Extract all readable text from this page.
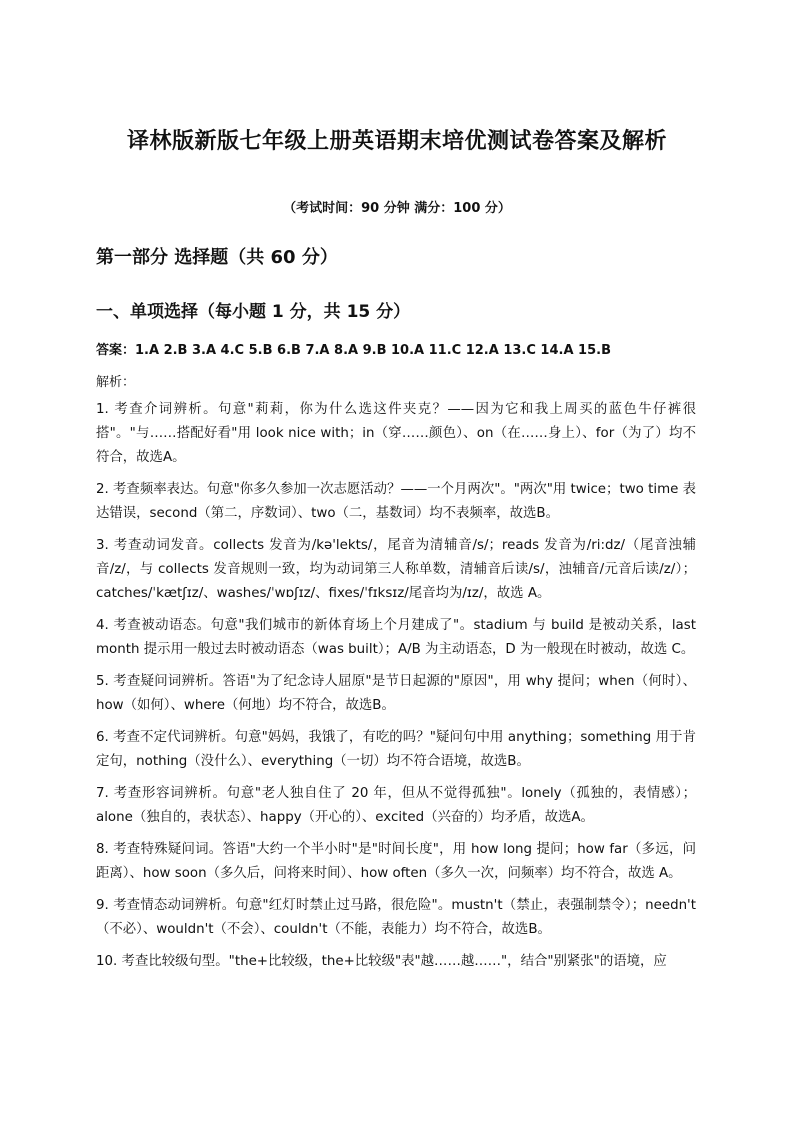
译林版新版七年级上册英语期末培优测试卷答案及解析
（考试时间：90 分钟 满分：100 分）
第一部分 选择题（共 60 分）
一、单项选择（每小题 1 分，共 15 分）
答案：1.A 2.B 3.A 4.C 5.B 6.B 7.A 8.A 9.B 10.A 11.C 12.A 13.C 14.A 15.B
解析：

1. 考查介词辨析。句意"莉莉，你为什么选这件夹克？——因为它和我上周买的蓝色牛仔裤很搭"。"与……搭配好看"用 look nice with；in（穿……颜色）、on（在……身上）、for（为了）均不符合，故选A。

2. 考查频率表达。句意"你多久参加一次志愿活动？——一个月两次"。"两次"用 twice；two time 表达错误，second（第二，序数词）、two（二，基数词）均不表频率，故选B。

3. 考查动词发音。collects 发音为/kə'lekts/，尾音为清辅音/s/；reads 发音为/ri:dz/（尾音浊辅音/z/，与 collects 发音规则一致，均为动词第三人称单数，清辅音后读/s/，浊辅音/元音后读/z/）；catches/ˈkætʃɪz/、washes/ˈwɒʃɪz/、fixes/ˈfɪksɪz/尾音均为/ɪz/，故选 A。

4. 考查被动语态。句意"我们城市的新体育场上个月建成了"。stadium 与 build 是被动关系，last month 提示用一般过去时被动语态（was built）；A/B 为主动语态，D 为一般现在时被动，故选 C。

5. 考查疑问词辨析。答语"为了纪念诗人屈原"是节日起源的"原因"，用 why 提问；when（何时）、how（如何）、where（何地）均不符合，故选B。

6. 考查不定代词辨析。句意"妈妈，我饿了，有吃的吗？"疑问句中用 anything；something 用于肯定句，nothing（没什么）、everything（一切）均不符合语境，故选B。

7. 考查形容词辨析。句意"老人独自住了 20 年，但从不觉得孤独"。lonely（孤独的，表情感）；alone（独自的，表状态）、happy（开心的）、excited（兴奋的）均矛盾，故选A。

8. 考查特殊疑问词。答语"大约一个半小时"是"时间长度"，用 how long 提问；how far（多远，问距离）、how soon（多久后，问将来时间）、how often（多久一次，问频率）均不符合，故选 A。

9. 考查情态动词辨析。句意"红灯时禁止过马路，很危险"。mustn't（禁止，表强制禁令）；needn't（不必）、wouldn't（不会）、couldn't（不能，表能力）均不符合，故选B。

10. 考查比较级句型。"the+比较级，the+比较级"表"越……越……"，结合"别紧张"的语境，应
